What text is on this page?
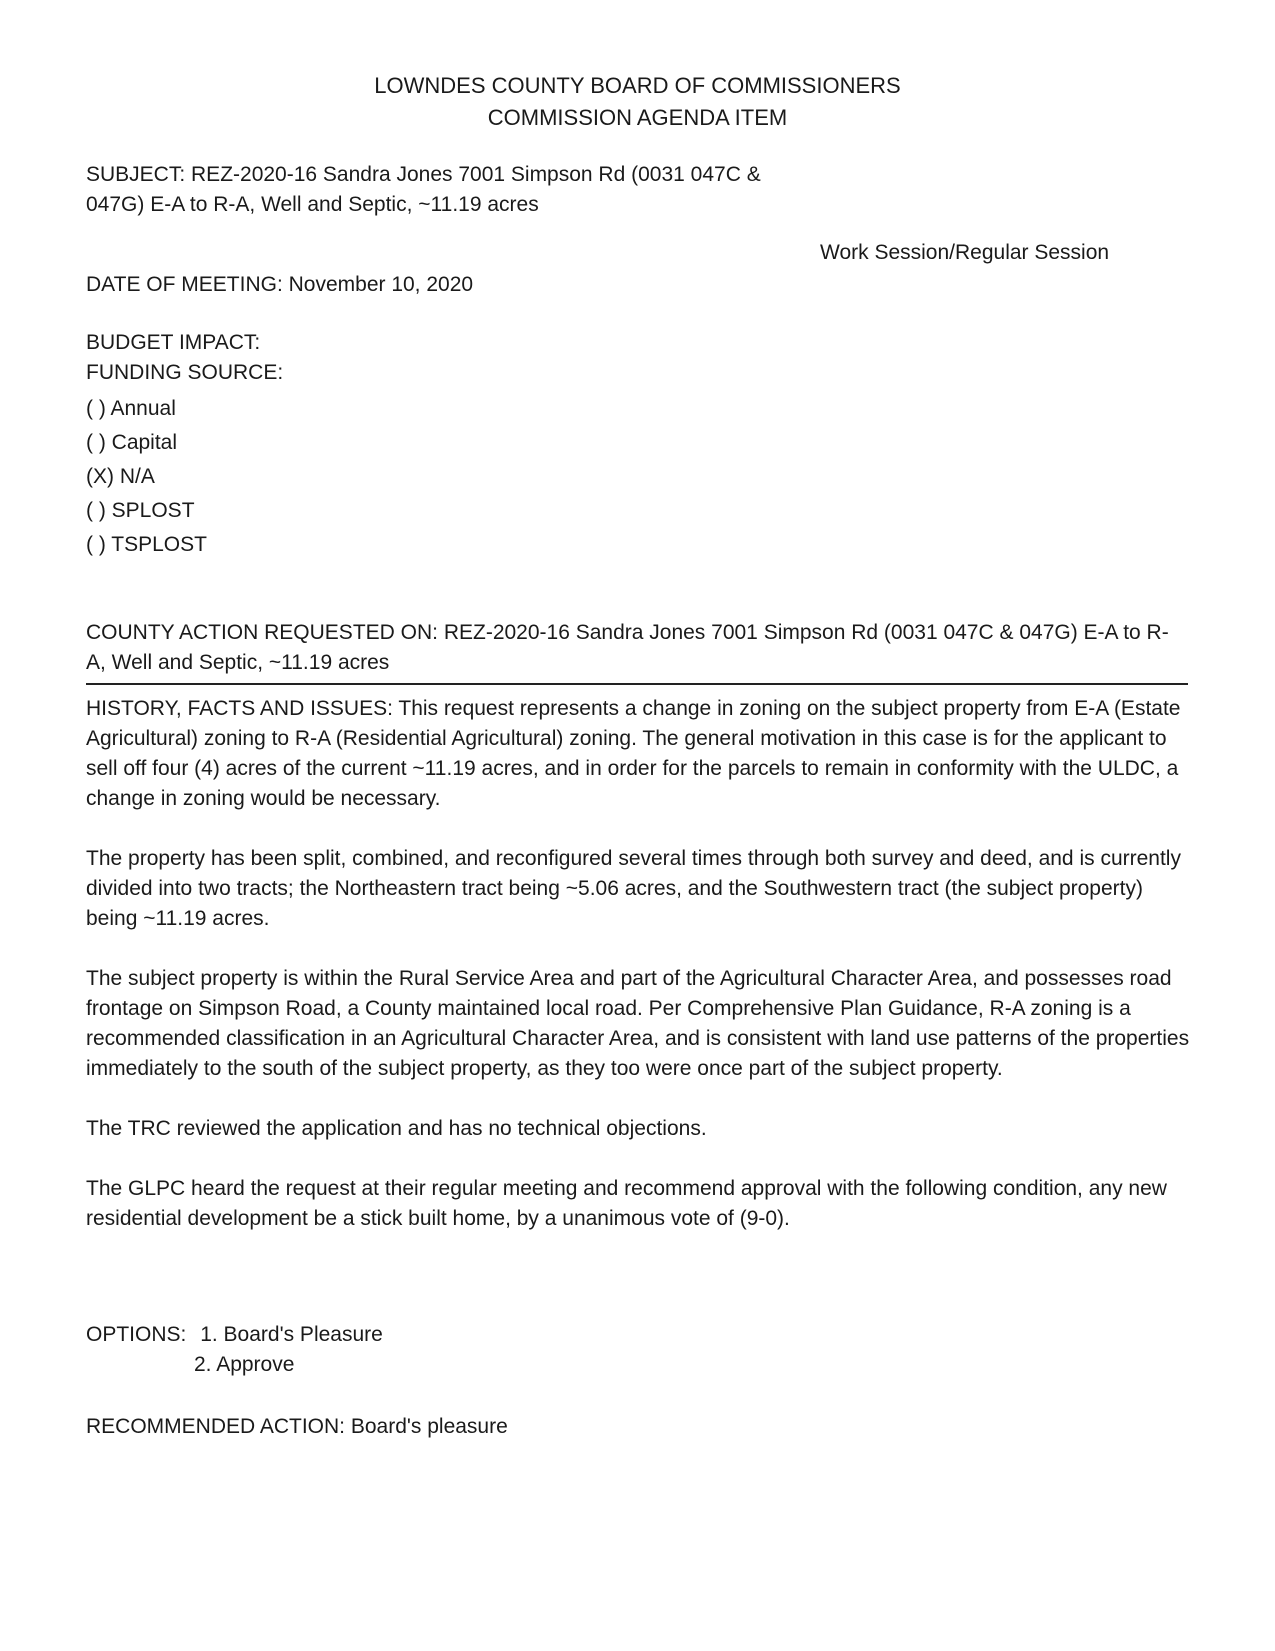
LOWNDES COUNTY BOARD OF COMMISSIONERS
COMMISSION AGENDA ITEM
SUBJECT: REZ-2020-16 Sandra Jones 7001 Simpson Rd (0031 047C &
047G) E-A to R-A, Well and Septic, ~11.19 acres
Work Session/Regular Session
DATE OF MEETING: November 10, 2020
BUDGET IMPACT:
FUNDING SOURCE:
( ) Annual
( ) Capital
(X) N/A
( ) SPLOST
( ) TSPLOST
COUNTY ACTION REQUESTED ON: REZ-2020-16 Sandra Jones 7001 Simpson Rd (0031 047C & 047G) E-A to R-
A, Well and Septic, ~11.19 acres

HISTORY, FACTS AND ISSUES: This request represents a change in zoning on the subject property from E-A (Estate Agricultural) zoning to R-A (Residential Agricultural) zoning. The general motivation in this case is for the applicant to sell off four (4) acres of the current ~11.19 acres, and in order for the parcels to remain in conformity with the ULDC, a change in zoning would be necessary.

The property has been split, combined, and reconfigured several times through both survey and deed, and is currently divided into two tracts; the Northeastern tract being ~5.06 acres, and the Southwestern tract (the subject property) being ~11.19 acres.

The subject property is within the Rural Service Area and part of the Agricultural Character Area, and possesses road frontage on Simpson Road, a County maintained local road. Per Comprehensive Plan Guidance, R-A zoning is a recommended classification in an Agricultural Character Area, and is consistent with land use patterns of the properties immediately to the south of the subject property, as they too were once part of the subject property.

The TRC reviewed the application and has no technical objections.

The GLPC heard the request at their regular meeting and recommend approval with the following condition, any new residential development be a stick built home, by a unanimous vote of (9-0).

OPTIONS: 1. Board's Pleasure
2. Approve
RECOMMENDED ACTION: Board's pleasure
